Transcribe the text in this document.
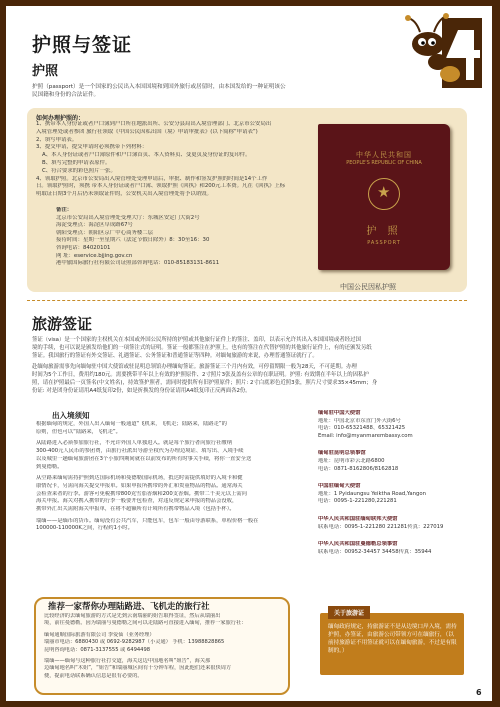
护照与签证
护照
护照（passport）是一个国家的公民出入本国国境和到国外旅行或居留时，由本国发给的一种证明该公
民国籍和身份的合法证件。
如何办理护照的：
1、携带本人身份证或者户口簿到户口所在地派出所、公安分县局出入境管理部门、北京市公安局出
入境管理处或者参团 旅行社领取《中国公民因私出国（境）申请审批表》(以下简称“申请表”)
2、填写申请表。
3、提交申请，提交申请时必须携带下列材料：
A、本人身份证或者户口簿原件和户口簿首页、本人资料页、变更页及身份证的复印件。
B、填写完整的申请表原件。
C、符合要求的彩色照片一张。
4、领取护照。北京市公安局出入境管理处受理申请后，审批、制作和签发护照的时间是14个工作
日。领取护照时，须携 带本人身份证或者户口簿、领取护照《回执》和200元工本费。凡在《回执》上标
明取证日期3个月后仍未领取证件的，公安机关出入境管理处将予以销毁。
备注：
北京市公安局出入境管理处受理大厅：东城区安定门大街2号
海淀受理点：海淀区阜成路67号
朝阳受理点：朝阳区京广中心商务楼二层
接待时间：星期一至星期六（法定节假日除外）8：30至16：30
咨询电话：84020101
网 址：eservice.bjjing.gov.cn
港中旅国际旅行社有限公司证照部咨询电话：010-85183131-8611
中华人民共和国
PEOPLE'S REPUBLIC OF CHINA
★
护 照
PASSPORT
中国公民因私护照
旅游签证
签证（visa）是一个国家的主权机关在本国或外国公民所持的护照或其他旅行证件上的签注、盖印，以表示允许其出入本国国境或者经过国
境的手续，也可以说是颁发给他们的一项签注式的证明。签证一般都签注在护照上，也有的签注在代替护照的其他旅行证件上，有的还颁发另纸
签证。我国旅行的签证有外交签证、礼遇签证、公务签证和普通签证等四种。对缅甸旅游的来说，办理普通签证就行了。
赴缅甸旅游需事先向缅甸驻中国大使馆或驻昆明总领馆办理缅甸签证。旅游签证三个月内有效，可停留期限一般为28天，不可延期。办理
时间为5个工作日，费用约180元。需要携带半年以上有效的护照原件、2寸照片3张及盖有公章的在职证明。护照: 有效期在半年以上的因私护
照，请在护照最后一页签名(中文姓名)，持效签护照者，需同时提供所有旧护照原件；照片: 2寸白底彩色近照3张，照片尺寸要求35×45mm；身
份证: 对是团身份证请用A4纸复印2份，如是折换发的身份证请用A4纸复印正反两面各2份。
出入境须知
根据缅甸的规定，外国人出入缅甸一般通道“飞机来，飞机走；陆路来，陆路走”的
原则，但也可以“陆路来，飞机走”。
从陆路进入必须参加旅行社，不允许外国人单独进入。就是每个旅行者向旅行社缴纳
300-400元人民币的参团费，由旅行社派出导游全权代为办理边境证、填写出、入境手续
以及城里一趟缅甸旅游团在3个小旅四期间就在以前发布的所有时事关手续，将你一直安全送
到曼德勒。
从空路来缅甸需持护照到达国际机场和曼德勒国际机场，抵达时需提供填好的入境卡和健
康情况卡，另需向海关提交申报单。如果申报所携带的外汇和贵重物品的物品。通常海关
会检查来者的行李。游客可免税携带800克雪茄香烟和200支香烟。携带二千美元以上需向
海关申报。海关对携入携带的行李一般要开包检查，对违反规定来申报的物品会没收，
携带外汇出关需附海关申报单，在将不超额所有计境所有携带物品入境（包括手杯）。
瑞缅——是缅币的货币。缅甸没有公共汽车，只能包车，包车一般由导游联系，单程价格一般在
100000-110000K之间，行程约1小时。
缅甸驻中国大使馆
地址：中国北京市东直门外大街6号
电话：010-65321488、65321425
Email: info@myanmarembassy.com
缅甸驻昆明总领事馆
地址：昆明市彩云北路6800
电话：0871-8162806/8162818
中国驻缅甸大使馆
地址：1 Pyidaungsu Yeiktha Road,Yangon
电话：0095-1-221280,221281
中华人民共和国驻缅甸联邦大使馆
联系电话：0095-1-221280 221281传真：227019
中华人民共和国驻曼德勒总领事馆
联系电话：00952-34457 34458传真：35944
推荐一家帮你办理陆路进、飞机走的旅行社
比较经济的去缅甸旅游的方式是先到云南瑞丽的姐告取得签证，然后从瑞丽出
境，前往曼德勒。因为瑞丽与曼德勒之间可以走陆路可直接进入缅甸，推荐一家旅行社：
缅甸通顺国际旅游有限公司 李爱仙（业务经理）
瑞丽市电话：6880430 或 0692-9282987（小灵通） 手机：13988828865
昆明咨询电话：0871-3137555 或 6494498
瑞缅——缅甸与这种旅行社打交道，海关这边中国地名叫“姐告”，海关那
边缅甸地名叫“木姐”，“姐告”和瑞丽城区间有十分钟车程，因此他们还来很快周方
便，提前电话联系确认信息是很有必要的。
关于旅游证
缅甸政府规定，持旅游证不是从边境口岸入境，需持护照，办签证，由旅游公司带领方可在缅旅行，（以前持旅游证不用签证就可以在缅甸旅游，不过是有限制的。）
6
